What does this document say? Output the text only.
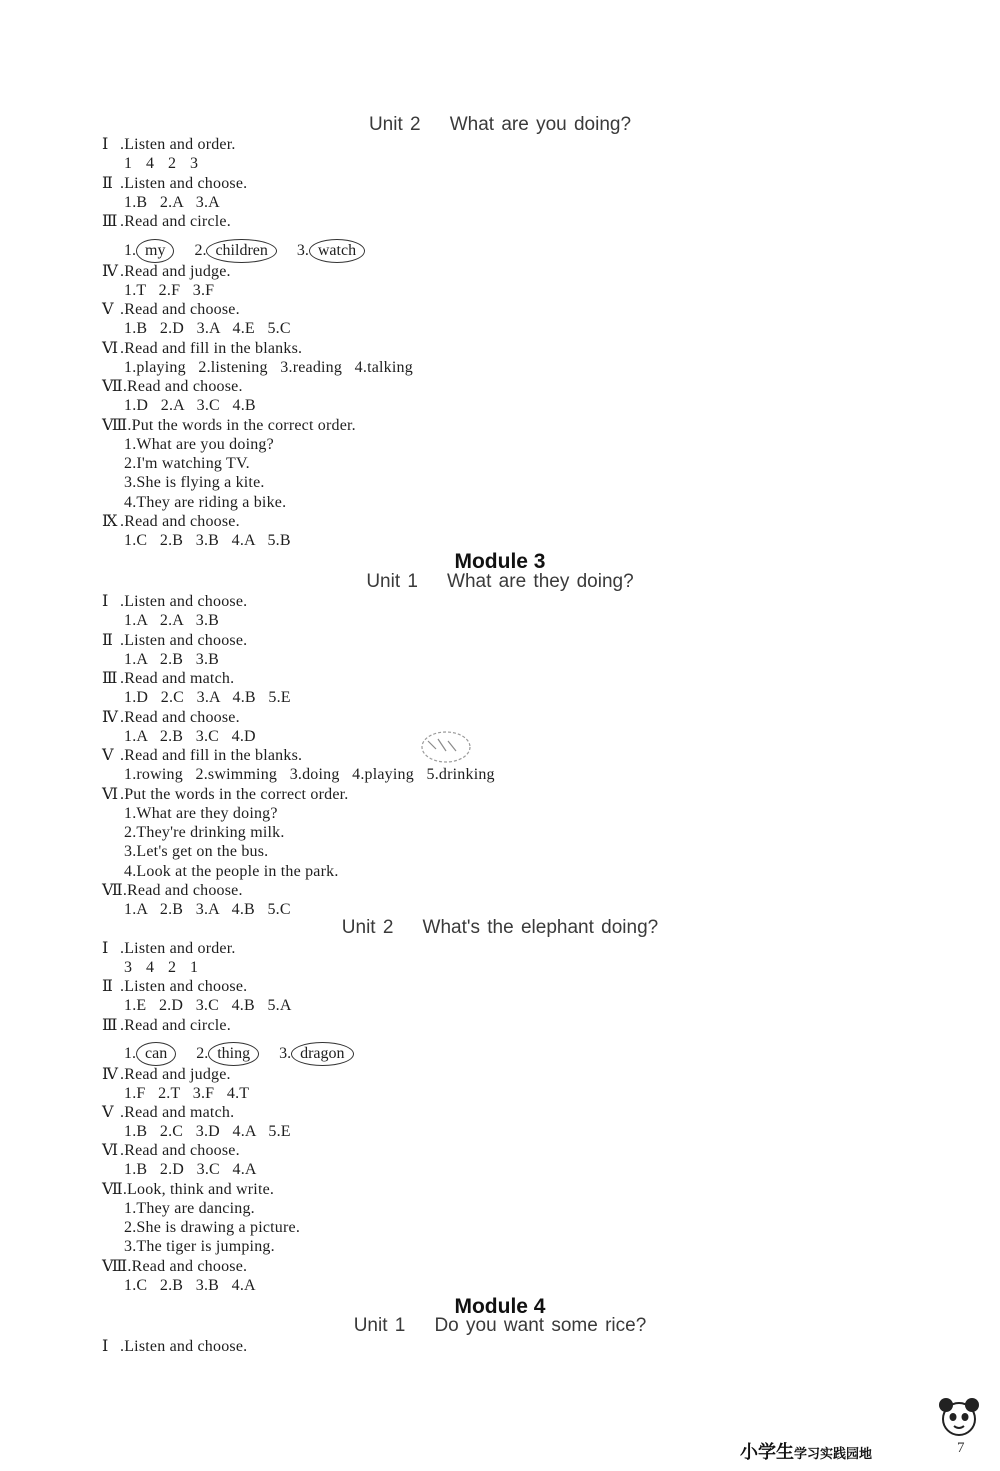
Unit 2    What are you doing?
Ⅰ .Listen and order.
1   4   2   3
Ⅱ .Listen and choose.
1.B   2.A   3.A
Ⅲ .Read and circle.
1. my 2. children 3. watch
Ⅳ .Read and judge.
1.T   2.F   3.F
Ⅴ .Read and choose.
1.B   2.D   3.A   4.E   5.C
Ⅵ .Read and fill in the blanks.
1.playing   2.listening   3.reading   4.talking
Ⅶ.Read and choose.
1.D   2.A   3.C   4.B
Ⅷ.Put the words in the correct order.
1.What are you doing?
2.I'm watching TV.
3.She is flying a kite.
4.They are riding a bike.
Ⅸ .Read and choose.
1.C   2.B   3.B   4.A   5.B
Module 3
Unit 1    What are they doing?
Ⅰ .Listen and choose.
1.A   2.A   3.B
Ⅱ .Listen and choose.
1.A   2.B   3.B
Ⅲ .Read and match.
1.D   2.C   3.A   4.B   5.E
Ⅳ .Read and choose.
1.A   2.B   3.C   4.D
Ⅴ .Read and fill in the blanks.
1.rowing   2.swimming   3.doing   4.playing   5.drinking
Ⅵ .Put the words in the correct order.
1.What are they doing?
2.They're drinking milk.
3.Let's get on the bus.
4.Look at the people in the park.
Ⅶ.Read and choose.
1.A   2.B   3.A   4.B   5.C
Unit 2    What's the elephant doing?
Ⅰ .Listen and order.
3   4   2   1
Ⅱ .Listen and choose.
1.E   2.D   3.C   4.B   5.A
Ⅲ .Read and circle.
1. can 2. thing 3. dragon
Ⅳ .Read and judge.
1.F   2.T   3.F   4.T
Ⅴ .Read and match.
1.B   2.C   3.D   4.A   5.E
Ⅵ .Read and choose.
1.B   2.D   3.C   4.A
Ⅶ.Look, think and write.
1.They are dancing.
2.She is drawing a picture.
3.The tiger is jumping.
Ⅷ.Read and choose.
1.C   2.B   3.B   4.A
Module 4
Unit 1    Do you want some rice?
Ⅰ .Listen and choose.
小学生学习实践园地	7
